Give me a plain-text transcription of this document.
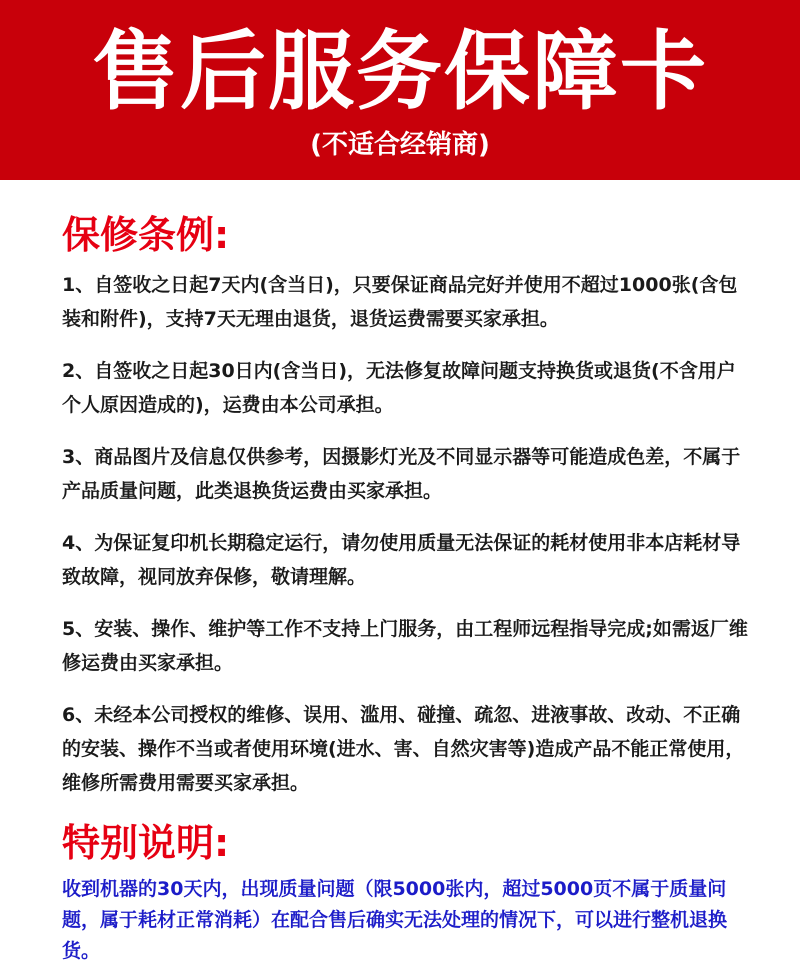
售后服务保障卡
(不适合经销商)
保修条例:

1、自签收之日起7天内(含当日)，只要保证商品完好并使用不超过1000张(含包装和附件)，支持7天无理由退货，退货运费需要买家承担。

2、自签收之日起30日内(含当日)，无法修复故障问题支持换货或退货(不含用户个人原因造成的)，运费由本公司承担。

3、商品图片及信息仅供参考，因摄影灯光及不同显示器等可能造成色差，不属于产品质量问题，此类退换货运费由买家承担。

4、为保证复印机长期稳定运行，请勿使用质量无法保证的耗材使用非本店耗材导致故障，视同放弃保修，敬请理解。

5、安装、操作、维护等工作不支持上门服务，由工程师远程指导完成;如需返厂维修运费由买家承担。

6、未经本公司授权的维修、误用、滥用、碰撞、疏忽、进液事故、改动、不正确的安装、操作不当或者使用环境(进水、害、自然灾害等)造成产品不能正常使用，维修所需费用需要买家承担。

特别说明:
收到机器的30天内，出现质量问题（限5000张内，超过5000页不属于质量问题，属于耗材正常消耗）在配合售后确实无法处理的情况下，可以进行整机退换货。
